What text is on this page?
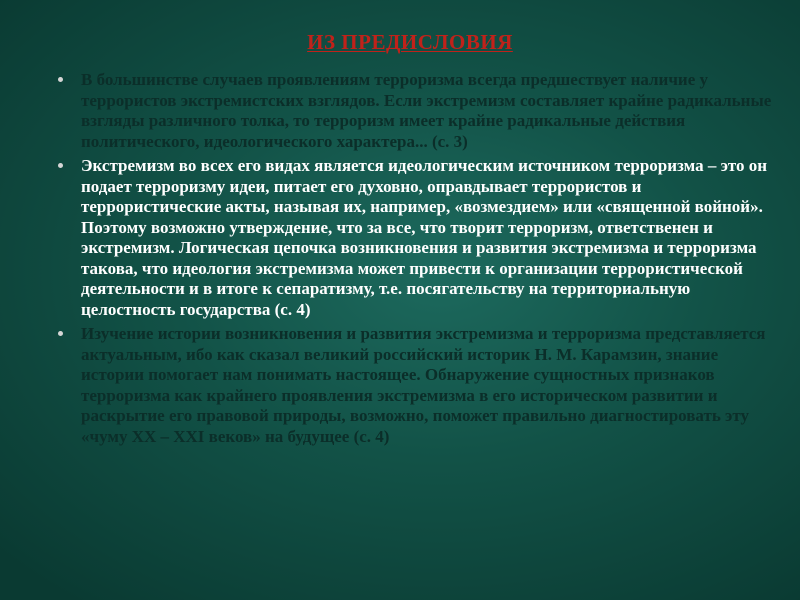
ИЗ ПРЕДИСЛОВИЯ
В большинстве случаев проявлениям терроризма всегда предшествует наличие у террористов экстремистских взглядов. Если экстремизм составляет крайне радикальные взгляды различного толка, то терроризм имеет крайне радикальные действия политического, идеологического характера... (с. 3)
Экстремизм во всех его видах является идеологическим источником терроризма – это он подает терроризму идеи, питает его духовно, оправдывает террористов и террористические акты, называя их, например, «возмездием» или «священной войной». Поэтому возможно утверждение, что за все, что творит терроризм, ответственен и экстремизм. Логическая цепочка возникновения и развития экстремизма и терроризма такова, что идеология экстремизма может привести к организации террористической деятельности и в итоге к сепаратизму, т.е. посягательству на территориальную целостность государства (с. 4)
Изучение истории возникновения и развития экстремизма и терроризма представляется актуальным, ибо как сказал великий российский историк Н. М. Карамзин, знание истории помогает нам понимать настоящее. Обнаружение сущностных признаков терроризма как крайнего проявления экстремизма в его историческом развитии и раскрытие его правовой природы, возможно, поможет правильно диагностировать эту «чуму XX – XXI веков» на будущее (с. 4)
